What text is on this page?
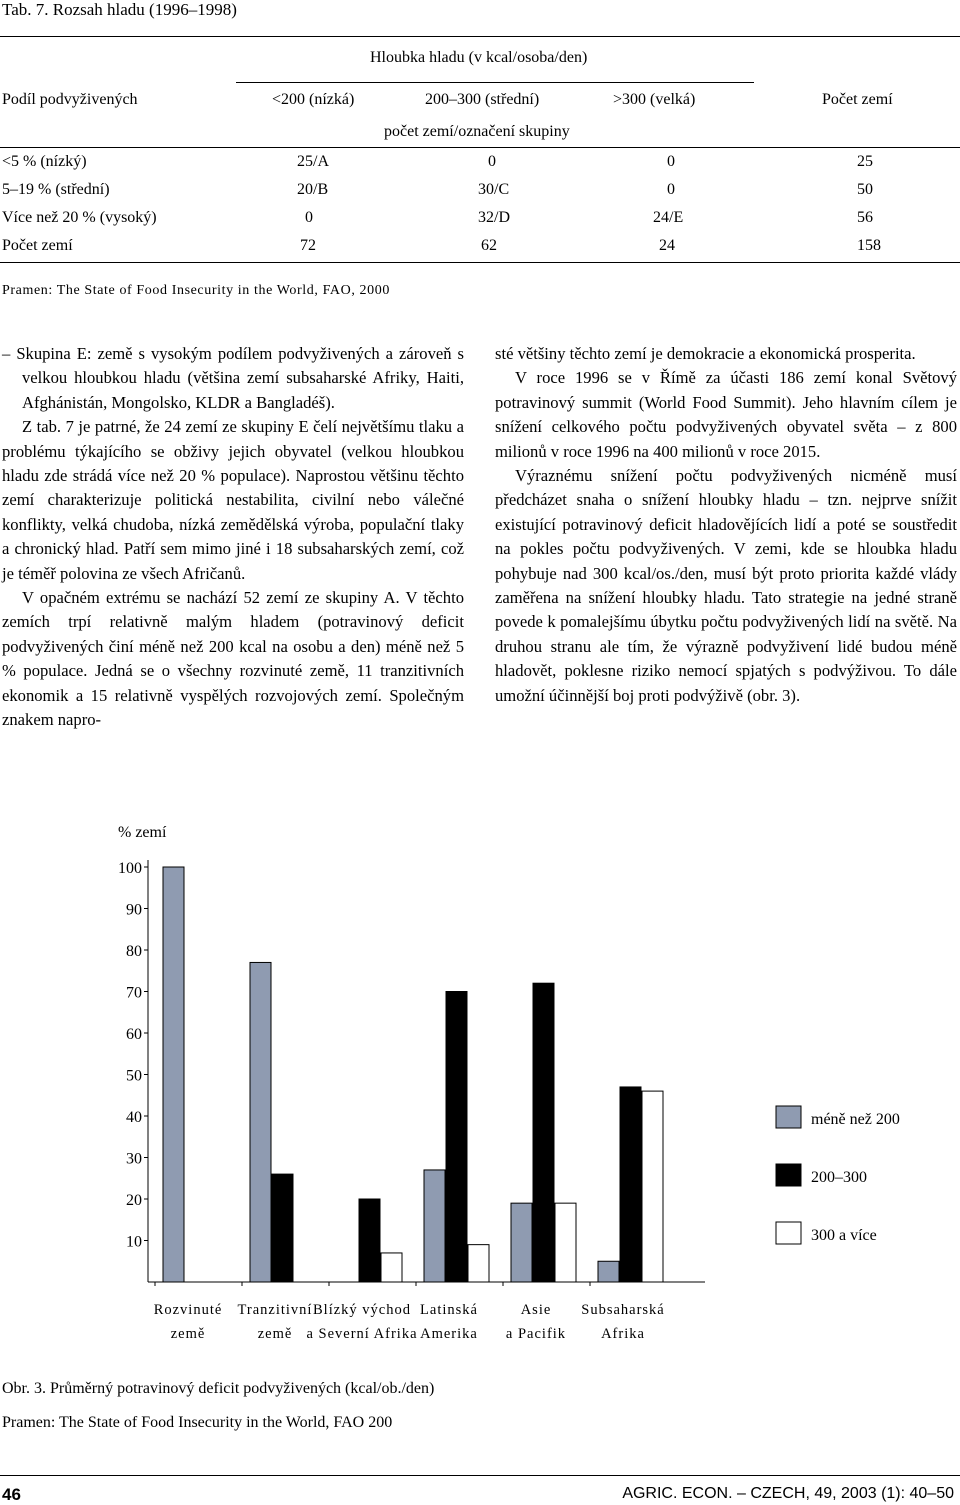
Tab. 7. Rozsah hladu (1996–1998)
Hloubka hladu (v kcal/osoba/den)
Podíl podvyživených	<200 (nízká)	200–300 (střední)	>300 (velká)	Počet zemí
počet zemí/označení skupiny
<5 % (nízký)	25/A	0	0	25
5–19 % (střední)	20/B	30/C	0	50
Více než 20 % (vysoký)	0	32/D	24/E	56
Počet zemí	72	62	24	158
Pramen: The State of Food Insecurity in the World, FAO, 2000

– Skupina E: země s vysokým podílem podvyživených a zároveň s velkou hloubkou hladu (většina zemí subsaharské Afriky, Haiti, Afghánistán, Mongolsko, KLDR a Bangladéš).

Z tab. 7 je patrné, že 24 zemí ze skupiny E čelí největšímu tlaku a problému týkajícího se obživy jejich obyvatel (velkou hloubkou hladu zde strádá více než 20 % populace). Naprostou většinu těchto zemí charakterizuje politická nestabilita, civilní nebo válečné konflikty, velká chudoba, nízká zemědělská výroba, populační tlaky a chronický hlad. Patří sem mimo jiné i 18 subsaharských zemí, což je téměř polovina ze všech Afričanů.

V opačném extrému se nachází 52 zemí ze skupiny A. V těchto zemích trpí relativně malým hladem (potravinový deficit podvyživených činí méně než 200 kcal na osobu a den) méně než 5 % populace. Jedná se o všechny rozvinuté země, 11 tranzitivních ekonomik a 15 relativně vyspělých rozvojových zemí. Společným znakem napro-

sté většiny těchto zemí je demokracie a ekonomická prosperita.

V roce 1996 se v Římě za účasti 186 zemí konal Světový potravinový summit (World Food Summit). Jeho hlavním cílem je snížení celkového počtu podvyživených obyvatel světa – z 800 milionů v roce 1996 na 400 milionů v roce 2015.

Výraznému snížení počtu podvyživených nicméně musí předcházet snaha o snížení hloubky hladu – tzn. nejprve snížit existující potravinový deficit hladovějících lidí a poté se soustředit na pokles počtu podvyživených. V zemi, kde se hloubka hladu pohybuje nad 300 kcal/os./den, musí být proto priorita každé vlády zaměřena na snížení hloubky hladu. Tato strategie na jedné straně povede k pomalejšímu úbytku počtu podvyživených lidí na světě. Na druhou stranu ale tím, že výrazně podvyživení lidé budou méně hladovět, poklesne riziko nemocí spjatých s podvýživou. To dále umožní účinnější boj proti podvýživě (obr. 3).

% zemí
10
20
30
40
50
60
70
80
90
100
Rozvinuté
země
Tranzitivní
země
Blízký východ
a Severní Afrika
Latinská
Amerika
Asie
a Pacifik
Subsaharská
Afrika
méně než 200
200–300
300 a více
Obr. 3. Průměrný potravinový deficit podvyživených (kcal/ob./den)
Pramen: The State of Food Insecurity in the World, FAO 200
46	AGRIC. ECON. – CZECH, 49, 2003 (1): 40–50
